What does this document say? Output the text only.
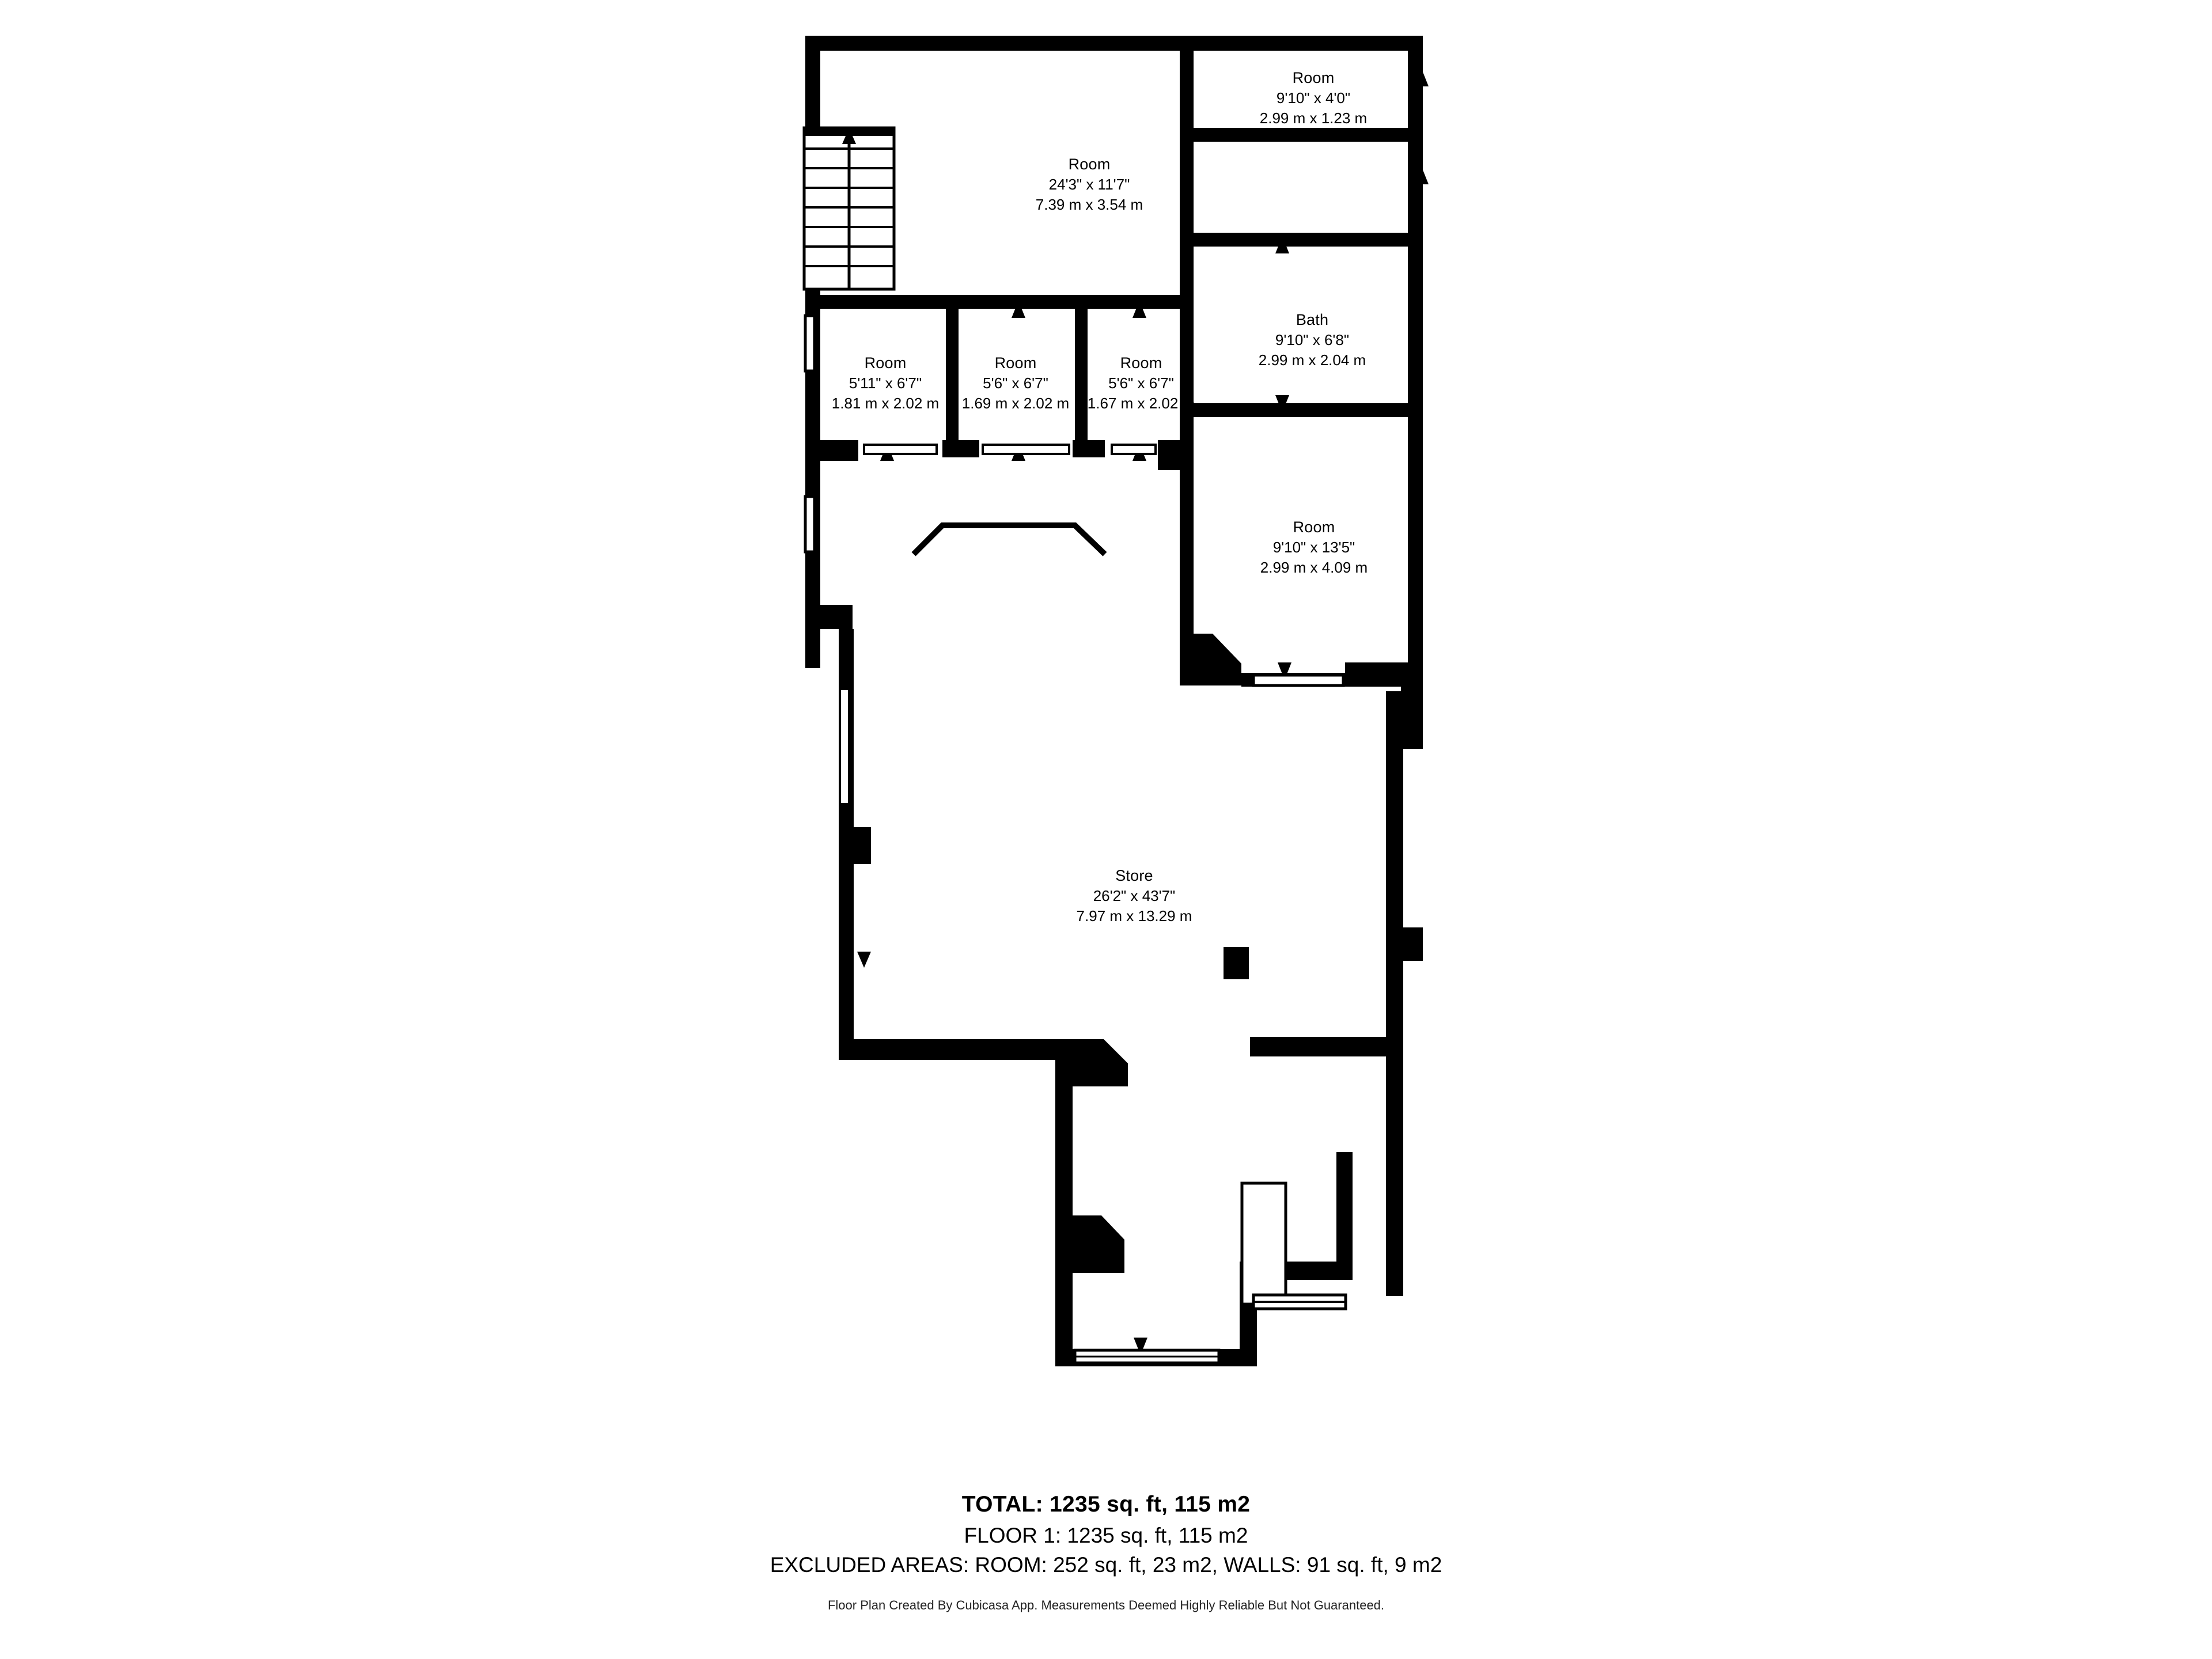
Room
9'10" x 4'0"
2.99 m x 1.23 m
Room
24'3" x 11'7"
7.39 m x 3.54 m
Bath
9'10" x 6'8"
2.99 m x 2.04 m
Room
5'11" x 6'7"
1.81 m x 2.02 m
Room
5'6" x 6'7"
1.69 m x 2.02 m
Room
5'6" x 6'7"
1.67 m x 2.02 m
Room
9'10" x 13'5"
2.99 m x 4.09 m
Store
26'2" x 43'7"
7.97 m x 13.29 m
TOTAL: 1235 sq. ft, 115 m2
FLOOR 1: 1235 sq. ft, 115 m2
EXCLUDED AREAS: ROOM: 252 sq. ft, 23 m2, WALLS: 91 sq. ft, 9 m2
Floor Plan Created By Cubicasa App. Measurements Deemed Highly Reliable But Not Guaranteed.
